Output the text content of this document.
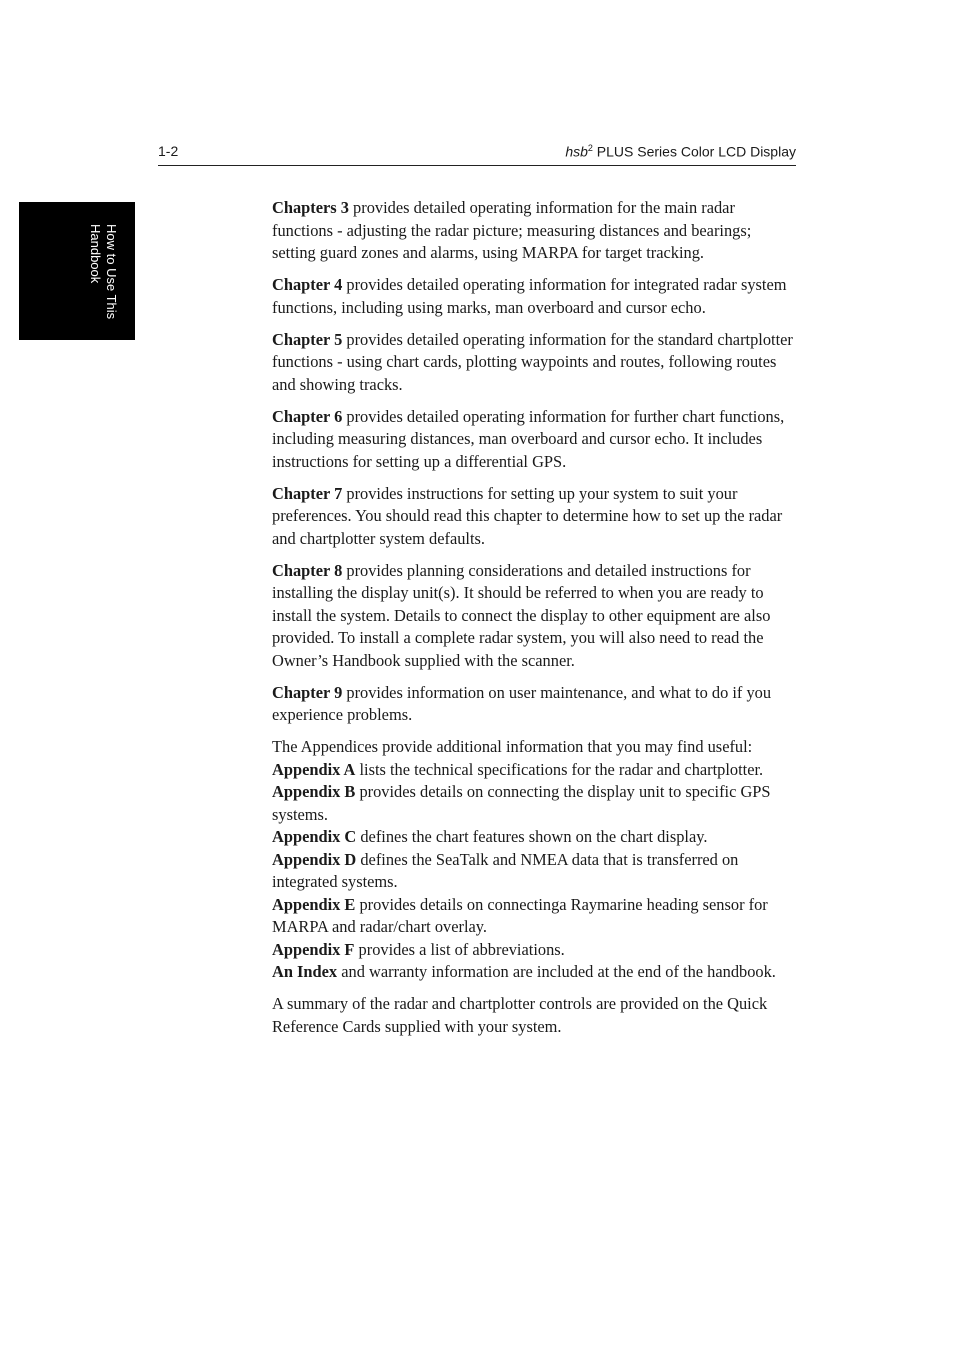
1-2	hsb$^2$ PLUS Series Color LCD Display
How to Use This
Handbook

Chapters 3 provides detailed operating information for the main radar functions - adjusting the radar picture; measuring distances and bearings; setting guard zones and alarms, using MARPA for target tracking.

Chapter 4 provides detailed operating information for integrated radar system functions, including using marks, man overboard and cursor echo.

Chapter 5 provides detailed operating information for the standard chartplotter functions - using chart cards, plotting waypoints and routes, following routes and showing tracks.

Chapter 6 provides detailed operating information for further chart functions, including measuring distances, man overboard and cursor echo. It includes instructions for setting up a differential GPS.

Chapter 7 provides instructions for setting up your system to suit your preferences. You should read this chapter to determine how to set up the radar and chartplotter system defaults.

Chapter 8 provides planning considerations and detailed instructions for installing the display unit(s). It should be referred to when you are ready to install the system. Details to connect the display to other equipment are also provided. To install a complete radar system, you will also need to read the Owner’s Handbook supplied with the scanner.

Chapter 9 provides information on user maintenance, and what to do if you experience problems.

The Appendices provide additional information that you may find useful:
Appendix A lists the technical specifications for the radar and chartplotter.
Appendix B provides details on connecting the display unit to specific GPS systems.
Appendix C defines the chart features shown on the chart display.
Appendix D defines the SeaTalk and NMEA data that is transferred on integrated systems.
Appendix E provides details on connectinga Raymarine heading sensor for MARPA and radar/chart overlay.
Appendix F provides a list of abbreviations.
An Index and warranty information are included at the end of the handbook.

A summary of the radar and chartplotter controls are provided on the Quick Reference Cards supplied with your system.
